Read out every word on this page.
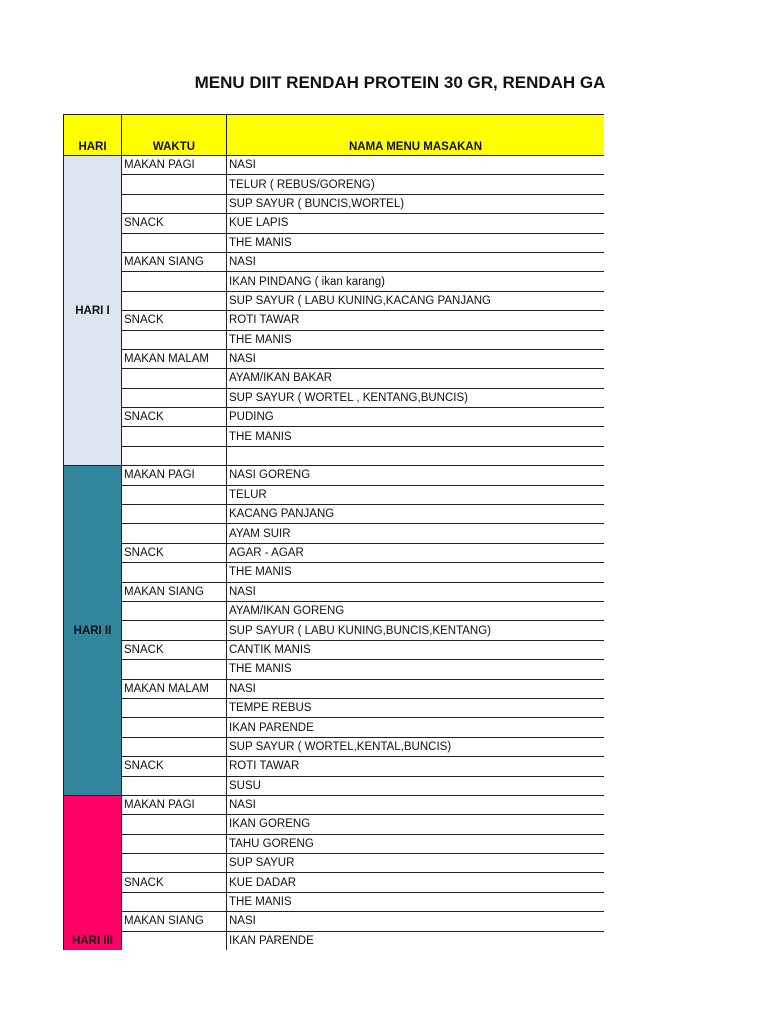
MENU DIIT RENDAH PROTEIN 30 GR, RENDAH GA
HARI	WAKTU	NAMA MENU MASAKAN
HARI I	MAKAN PAGI	NASI
		TELUR ( REBUS/GORENG)
		SUP SAYUR ( BUNCIS,WORTEL)
	SNACK	KUE LAPIS
		THE MANIS
	MAKAN SIANG	NASI
		IKAN PINDANG ( ikan karang)
		SUP SAYUR ( LABU KUNING,KACANG PANJANG
	SNACK	ROTI TAWAR
		THE MANIS
	MAKAN MALAM	NASI
		AYAM/IKAN BAKAR
		SUP SAYUR ( WORTEL , KENTANG,BUNCIS)
	SNACK	PUDING
		THE MANIS

HARI II	MAKAN PAGI	NASI GORENG
		TELUR
		KACANG PANJANG
		AYAM SUIR
	SNACK	AGAR - AGAR
		THE MANIS
	MAKAN SIANG	NASI
		AYAM/IKAN GORENG
		SUP SAYUR ( LABU KUNING,BUNCIS,KENTANG)
	SNACK	CANTIK MANIS
		THE MANIS
	MAKAN MALAM	NASI
		TEMPE REBUS
		IKAN PARENDE
		SUP SAYUR ( WORTEL,KENTAL,BUNCIS)
	SNACK	ROTI TAWAR
		SUSU
HARI III	MAKAN PAGI	NASI
		IKAN GORENG
		TAHU GORENG
		SUP SAYUR
	SNACK	KUE DADAR
		THE MANIS
	MAKAN SIANG	NASI
		IKAN PARENDE
